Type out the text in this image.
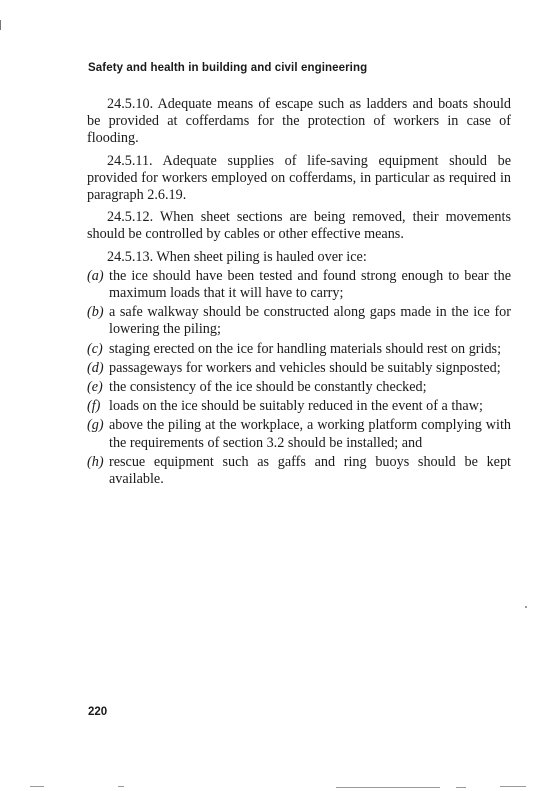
Safety and health in building and civil engineering

24.5.10. Adequate means of escape such as ladders and boats should be provided at cofferdams for the protection of workers in case of flooding.

24.5.11. Adequate supplies of life-saving equipment should be provided for workers employed on cofferdams, in particular as required in paragraph 2.6.19.

24.5.12. When sheet sections are being removed, their movements should be controlled by cables or other effective means.

24.5.13. When sheet piling is hauled over ice:

(a) the ice should have been tested and found strong enough to bear the maximum loads that it will have to carry;
(b) a safe walkway should be constructed along gaps made in the ice for lowering the piling;
(c) staging erected on the ice for handling materials should rest on grids;
(d) passageways for workers and vehicles should be suitably signposted;
(e) the consistency of the ice should be constantly checked;
(f) loads on the ice should be suitably reduced in the event of a thaw;
(g) above the piling at the workplace, a working platform complying with the requirements of section 3.2 should be installed; and
(h) rescue equipment such as gaffs and ring buoys should be kept available.
220
